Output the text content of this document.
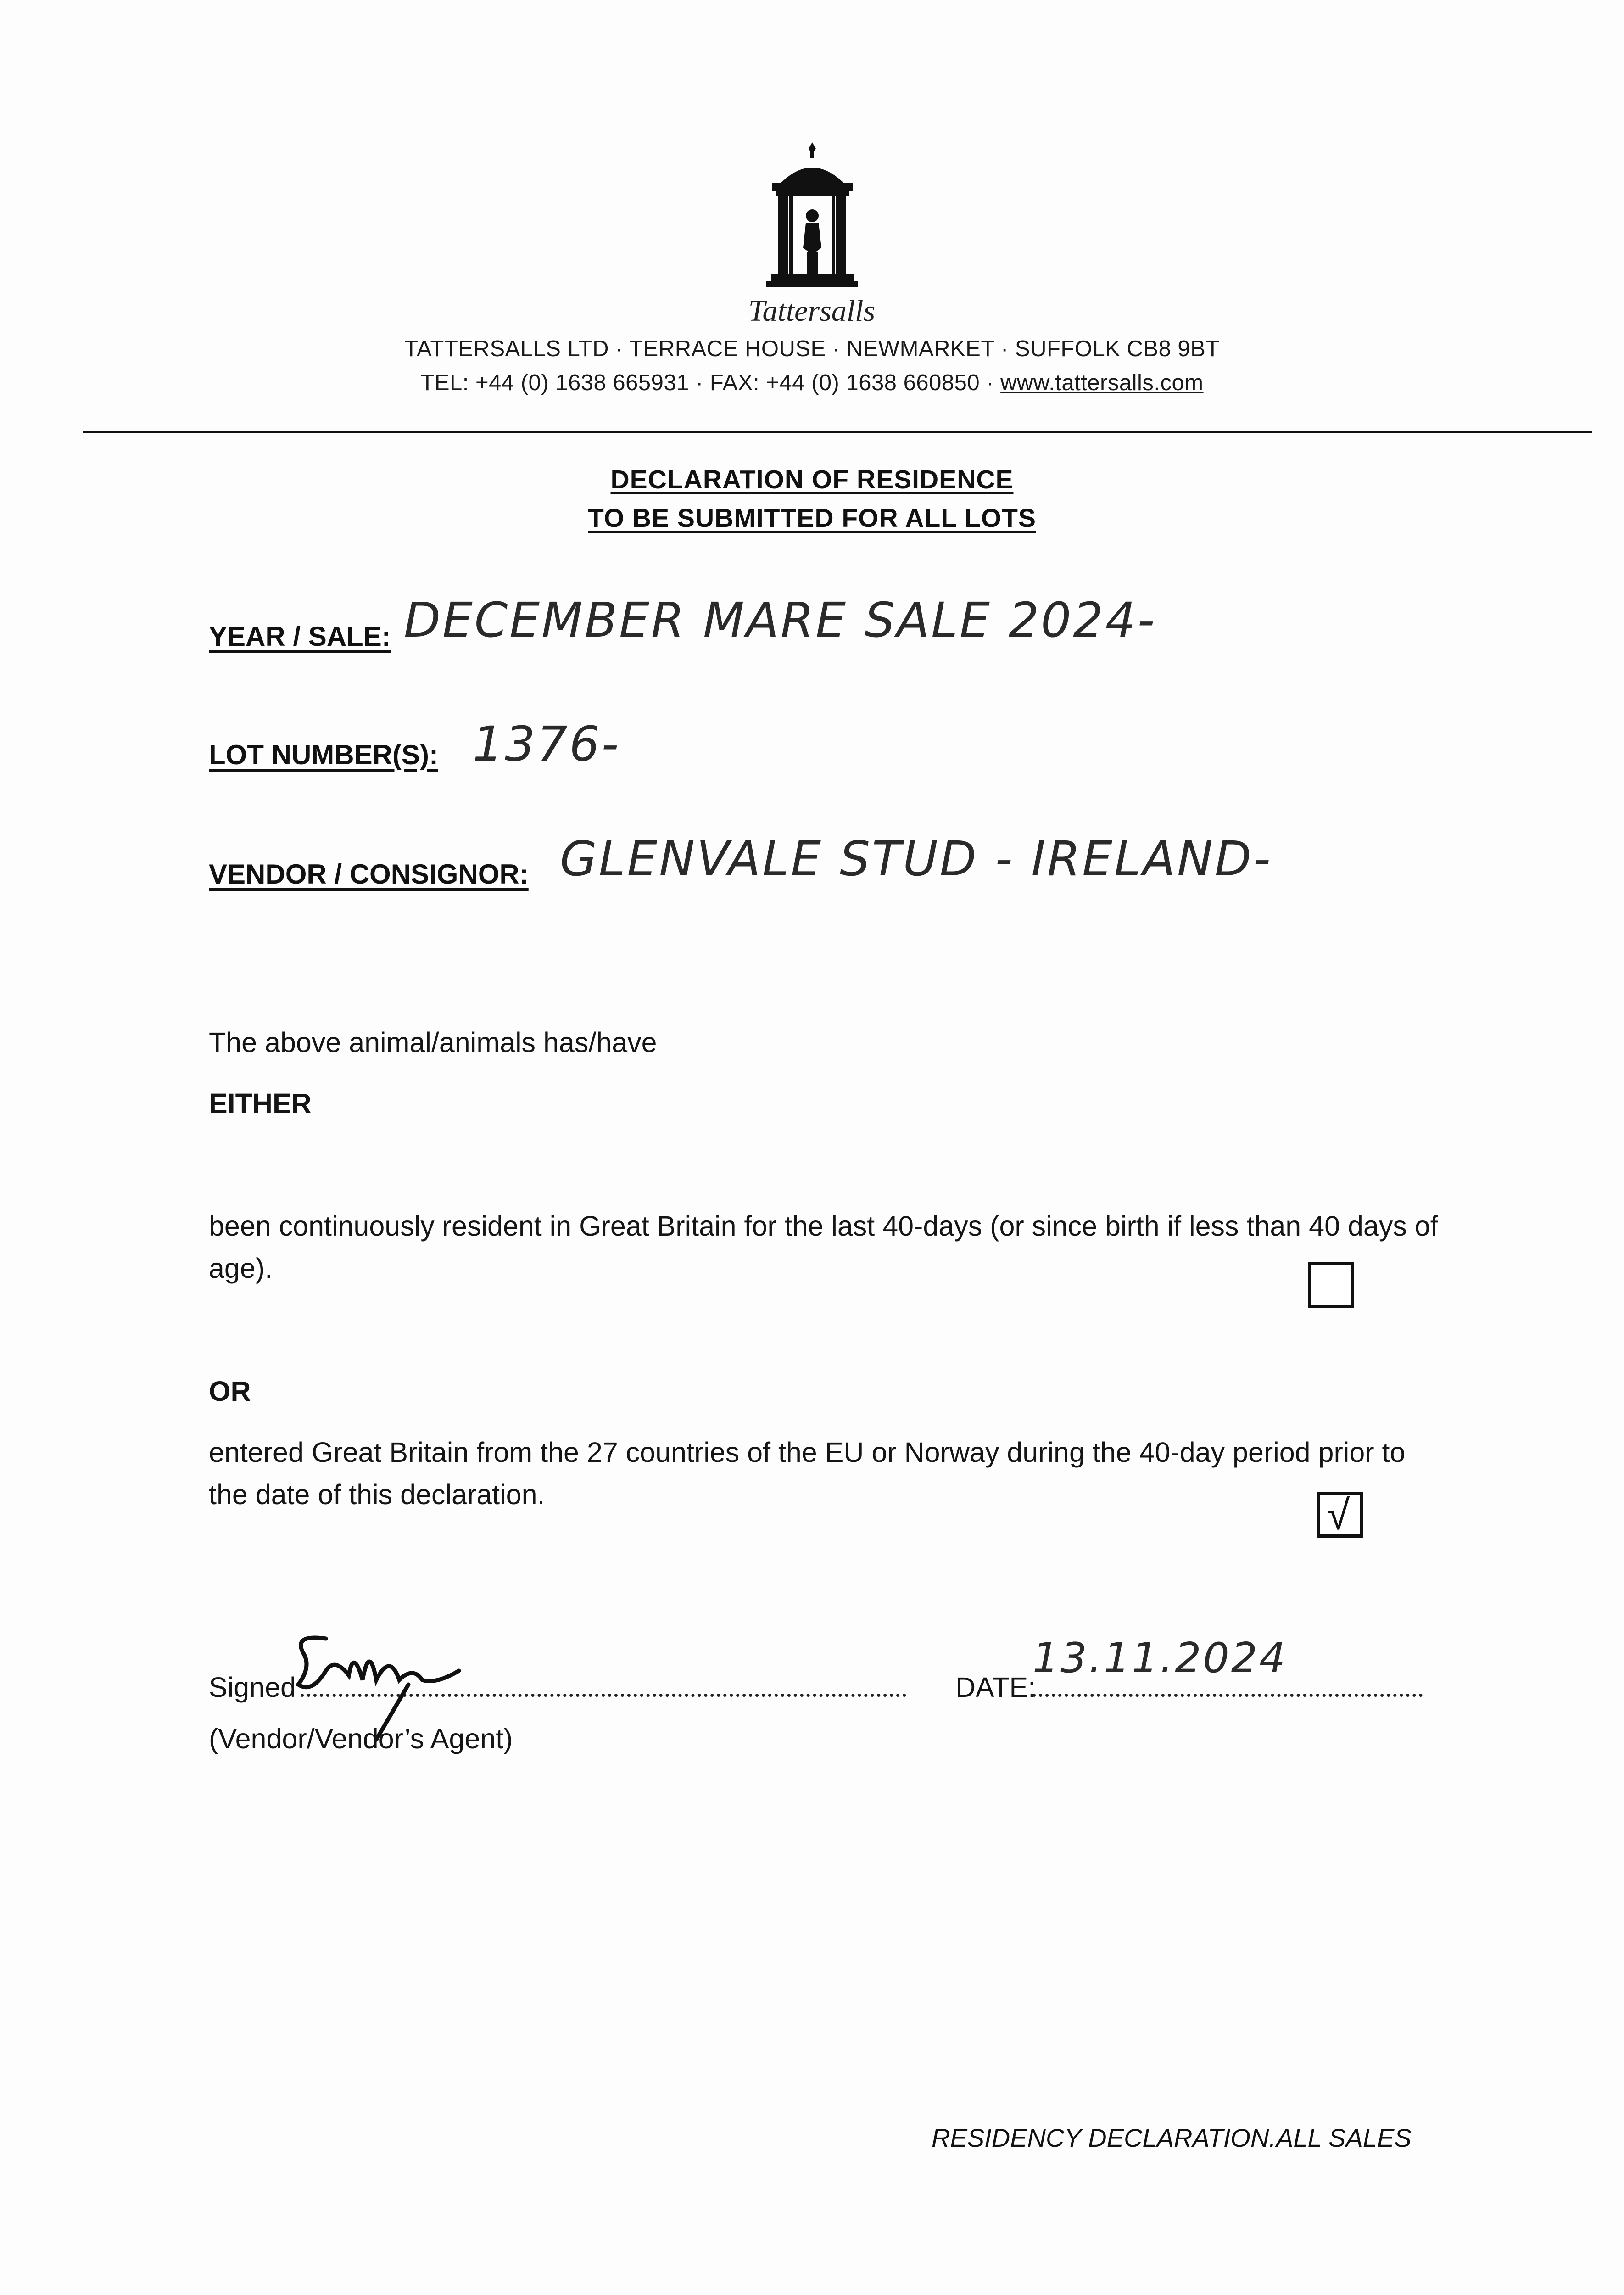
Tattersalls
TATTERSALLS LTD · TERRACE HOUSE · NEWMARKET · SUFFOLK CB8 9BT
TEL: +44 (0) 1638 665931 · FAX: +44 (0) 1638 660850 · www.tattersalls.com
DECLARATION OF RESIDENCE
TO BE SUBMITTED FOR ALL LOTS
YEAR / SALE: DECEMBER MARE SALE 2024-
LOT NUMBER(S): 1376-
VENDOR / CONSIGNOR: GLENVALE STUD - IRELAND-
The above animal/animals has/have
EITHER
been continuously resident in Great Britain for the last 40-days (or since birth if less than 40 days of age).
OR
entered Great Britain from the 27 countries of the EU or Norway during the 40-day period prior to the date of this declaration.	√
Signed
(Vendor/Vendor’s Agent)
DATE:
13.11.2024
RESIDENCY DECLARATION.ALL SALES
